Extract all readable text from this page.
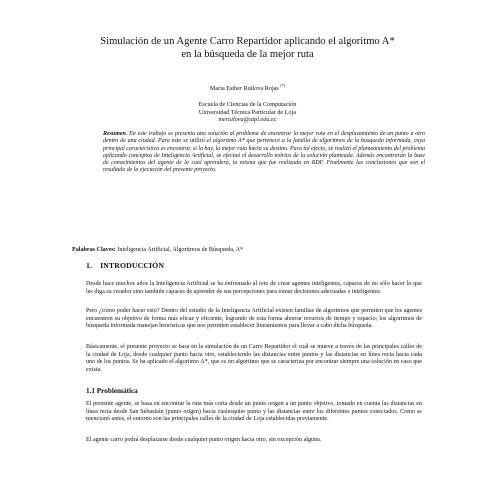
Simulación de un Agente Carro Repartidor aplicando el algoritmo A*
en la búsqueda de la mejor ruta
Maria Esther Ruilova Rojas (*)
Escuela de Ciencias de la Computación
Universidad Técnica Particular de Loja
meruilova@utpl.edu.ec
Resumen. En este trabajo se presenta una solución al problema de encontrar la mejor ruta en el desplazamiento de un punto a otro dentro de una ciudad. Para esto se utilizó el algoritmo A* que pertenece a la familia de algoritmos de la búsqueda informada, cuya principal característica es encontrar, si la hay, la mejor ruta hacia su destino. Para tal efecto, se realizó el planteamiento del problema aplicando conceptos de Inteligencia Artificial, se efectuó el desarrollo teórico de la solución planteada. Además encontrarán la base de conocimientos del agente de la cual aprenderá, la misma que fue realizada en RDF. Finalmente las conclusiones que son el resultado de la ejecución del presente proyecto.
Palabras Claves: Inteligencia Artificial, Algoritmos de Búsqueda, A*
1. INTRODUCCIÓN
Desde hace muchos años la Inteligencia Artificial se ha enfrentado al reto de crear agentes inteligentes, capaces de no sólo hacer lo que les diga su creador sino también capaces de aprender de sus percepciones para tomar decisiones adecuadas e inteligentes.
Pero ¿cómo poder hacer esto? Dentro del estudio de la Inteligencia Artificial existen familias de algoritmos que permiten que los agentes encuentren su objetivo de forma más eficaz y eficiente, logrando de esta forma ahorrar recursos de tiempo y espacio; los algoritmos de búsqueda informada manejan heurísticas que nos permiten establecer lineamientos para llevar a cabo dicha búsqueda.
Básicamente, el presente proyecto se basa en la simulación de un Carro Repartidor el cuál se mueve a través de las principales calles de la ciudad de Loja, desde cualquier punto hacia otro, estableciendo las distancias entre puntos y las distancias en línea recta hacia cada uno de los puntos. Se ha aplicado el algoritmo A*, que es un algoritmo que se caracteriza por encontrar siempre una solución en caso que exista.
1.1 Problemática
El presente agente, se basa en encontrar la ruta más corta desde un punto origen a un punto objetivo, tomado en cuenta las distancias en línea recta desde San Sebastián (punto origen) hacia cualesquier punto y las distancias entre los diferentes puntos conectados. Como se mencionó antes, el entorno son las principales calles de la ciudad de Loja establecidas previamente.
El agente carro podrá desplazarse desde cualquier punto origen hacia otro, sin excepción alguna.
